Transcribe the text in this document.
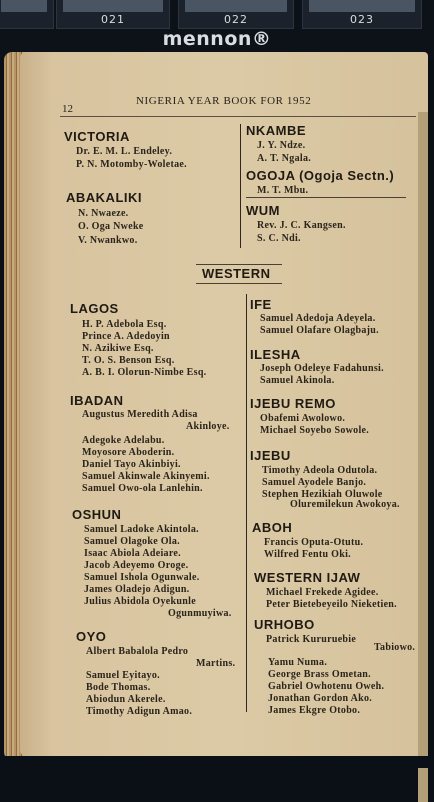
021	022	023
mennon®
12
NIGERIA YEAR BOOK FOR 1952
VICTORIA
Dr. E. M. L. Endeley.
P. N. Motomby-Woletae.
ABAKALIKI
N. Nwaeze.
O. Oga Nweke
V. Nwankwo.
NKAMBE
J. Y. Ndze.
A. T. Ngala.
OGOJA (Ogoja Sectn.)
M. T. Mbu.
WUM
Rev. J. C. Kangsen.
S. C. Ndi.
WESTERN
LAGOS
H. P. Adebola Esq.
Prince A. Adedoyin
N. Azikiwe Esq.
T. O. S. Benson Esq.
A. B. I. Olorun-Nimbe Esq.
IBADAN
Augustus Meredith Adisa
Akinloye.
Adegoke Adelabu.
Moyosore Aboderin.
Daniel Tayo Akinbiyi.
Samuel Akinwale Akinyemi.
Samuel Owo-ola Lanlehin.
OSHUN
Samuel Ladoke Akintola.
Samuel Olagoke Ola.
Isaac Abiola Adeiare.
Jacob Adeyemo Oroge.
Samuel Ishola Ogunwale.
James Oladejo Adigun.
Julius Abidola Oyekunle
Ogunmuyiwa.
OYO
Albert Babalola Pedro
Martins.
Samuel Eyitayo.
Bode Thomas.
Abiodun Akerele.
Timothy Adigun Amao.
IFE
Samuel Adedoja Adeyela.
Samuel Olafare Olagbaju.
ILESHA
Joseph Odeleye Fadahunsi.
Samuel Akinola.
IJEBU REMO
Obafemi Awolowo.
Michael Soyebo Sowole.
IJEBU
Timothy Adeola Odutola.
Samuel Ayodele Banjo.
Stephen Hezikiah Oluwole
Oluremilekun Awokoya.
ABOH
Francis Oputa-Otutu.
Wilfred Fentu Oki.
WESTERN IJAW
Michael Frekede Agidee.
Peter Bietebeyeilo Nieketien.
URHOBO
Patrick Kururuebie
Tabiowo.
Yamu Numa.
George Brass Ometan.
Gabriel Owhotenu Oweh.
Jonathan Gordon Ako.
James Ekgre Otobo.
